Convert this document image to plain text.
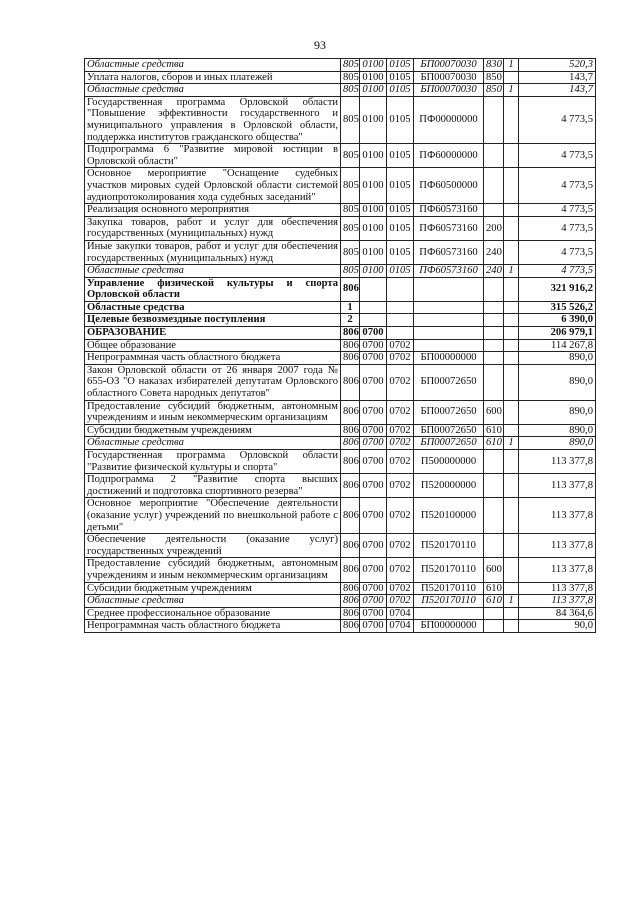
93
Областные средства	805	0100	0105	БП00070030	830	1	520,3
Уплата налогов, сборов и иных платежей	805	0100	0105	БП00070030	850		143,7
Областные средства	805	0100	0105	БП00070030	850	1	143,7
Государственная программа Орловской области "Повышение эффективности государственного и муниципального управления в Орловской области, поддержка институтов гражданского общества"	805	0100	0105	ПФ00000000			4 773,5
Подпрограмма 6 "Развитие мировой юстиции в Орловской области"	805	0100	0105	ПФ60000000			4 773,5
Основное мероприятие "Оснащение судебных участков мировых судей Орловской области системой аудиопротоколирования хода судебных заседаний"	805	0100	0105	ПФ60500000			4 773,5
Реализация основного мероприятия	805	0100	0105	ПФ60573160			4 773,5
Закупка товаров, работ и услуг для обеспечения государственных (муниципальных) нужд	805	0100	0105	ПФ60573160	200		4 773,5
Иные закупки товаров, работ и услуг для обеспечения государственных (муниципальных) нужд	805	0100	0105	ПФ60573160	240		4 773,5
Областные средства	805	0100	0105	ПФ60573160	240	1	4 773,5
Управление физической культуры и спорта Орловской области	806						321 916,2
Областные средства	1						315 526,2
Целевые безвозмездные поступления	2						6 390,0
ОБРАЗОВАНИЕ	806	0700					206 979,1
Общее образование	806	0700	0702				114 267,8
Непрограммная часть областного бюджета	806	0700	0702	БП00000000			890,0
Закон Орловской области от 26 января 2007 года № 655-ОЗ "О наказах избирателей депутатам Орловского областного Совета народных депутатов"	806	0700	0702	БП00072650			890,0
Предоставление субсидий бюджетным, автономным учреждениям и иным некоммерческим организациям	806	0700	0702	БП00072650	600		890,0
Субсидии бюджетным учреждениям	806	0700	0702	БП00072650	610		890,0
Областные средства	806	0700	0702	БП00072650	610	1	890,0
Государственная программа Орловской области "Развитие физической культуры и спорта"	806	0700	0702	П500000000			113 377,8
Подпрограмма 2 "Развитие спорта высших достижений и подготовка спортивного резерва"	806	0700	0702	П520000000			113 377,8
Основное мероприятие "Обеспечение деятельности (оказание услуг) учреждений по внешкольной работе с детьми"	806	0700	0702	П520100000			113 377,8
Обеспечение деятельности (оказание услуг) государственных учреждений	806	0700	0702	П520170110			113 377,8
Предоставление субсидий бюджетным, автономным учреждениям и иным некоммерческим организациям	806	0700	0702	П520170110	600		113 377,8
Субсидии бюджетным учреждениям	806	0700	0702	П520170110	610		113 377,8
Областные средства	806	0700	0702	П520170110	610	1	113 377,8
Среднее профессиональное образование	806	0700	0704				84 364,6
Непрограммная часть областного бюджета	806	0700	0704	БП00000000			90,0
